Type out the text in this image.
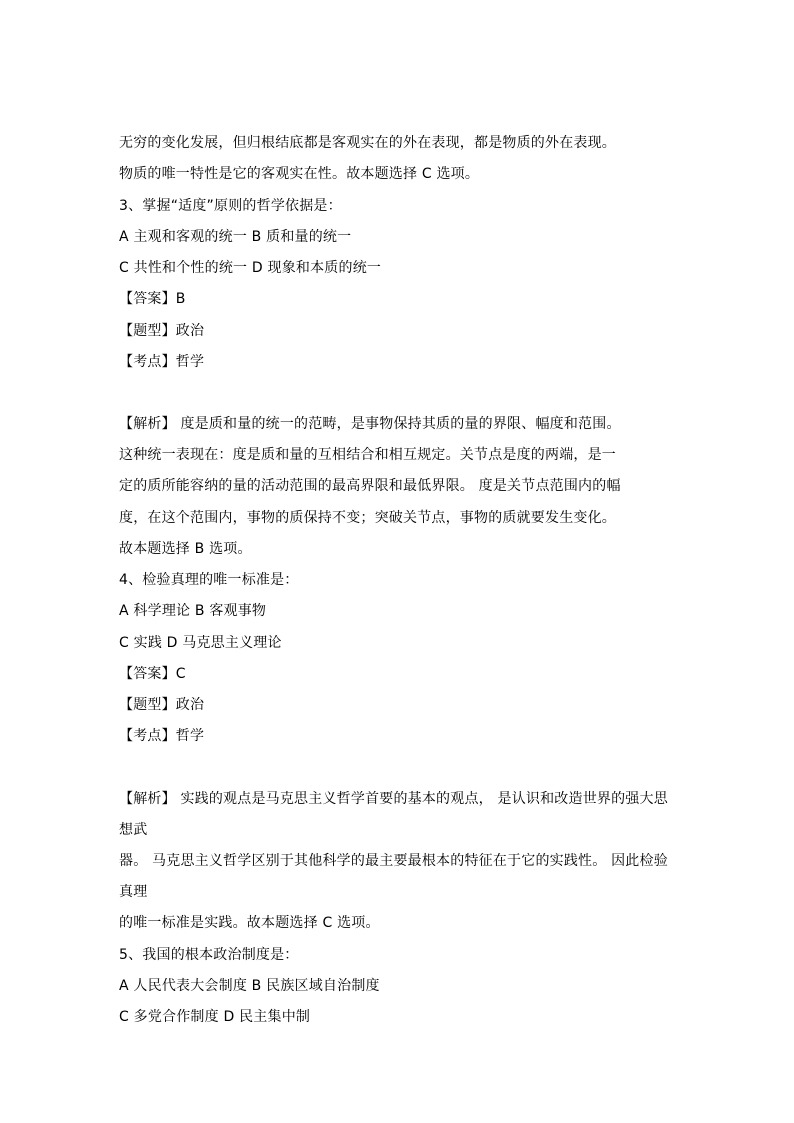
无穷的变化发展，但归根结底都是客观实在的外在表现，都是物质的外在表现。
物质的唯一特性是它的客观实在性。故本题选择 C 选项。
3、掌握“适度”原则的哲学依据是：
A 主观和客观的统一 B 质和量的统一
C 共性和个性的统一 D 现象和本质的统一
【答案】B
【题型】政治
【考点】哲学
【解析】 度是质和量的统一的范畴，是事物保持其质的量的界限、幅度和范围。
这种统一表现在：度是质和量的互相结合和相互规定。关节点是度的两端，是一
定的质所能容纳的量的活动范围的最高界限和最低界限。 度是关节点范围内的幅
度，在这个范围内，事物的质保持不变；突破关节点，事物的质就要发生变化。
故本题选择 B 选项。
4、检验真理的唯一标准是：
A 科学理论 B 客观事物
C 实践 D 马克思主义理论
【答案】C
【题型】政治
【考点】哲学
【解析】 实践的观点是马克思主义哲学首要的基本的观点， 是认识和改造世界的强大思
想武
器。 马克思主义哲学区别于其他科学的最主要最根本的特征在于它的实践性。 因此检验
真理
的唯一标准是实践。故本题选择 C 选项。
5、我国的根本政治制度是：
A 人民代表大会制度 B 民族区域自治制度
C 多党合作制度 D 民主集中制
